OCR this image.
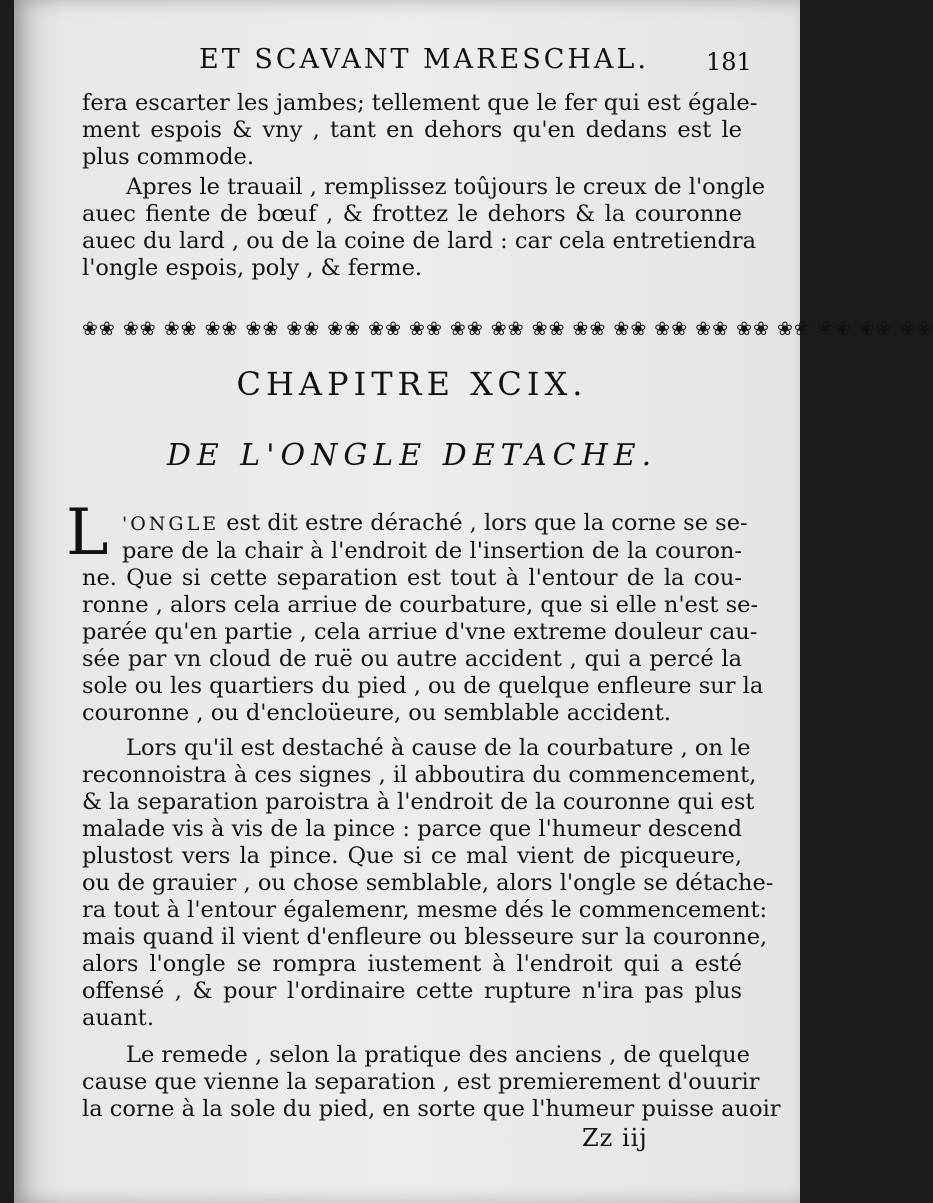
ET SCAVANT MARESCHAL.	181
fera escarter les jambes; tellement que le fer qui est égale-
ment espois & vny , tant en dehors qu'en dedans est le
plus commode.
Apres le trauail , remplissez toûjours le creux de l'ongle
auec fiente de bœuf , & frottez le dehors & la couronne
auec du lard , ou de la coine de lard : car cela entretiendra
l'ongle espois, poly , & ferme.
❀❀ ❀❀ ❀❀ ❀❀ ❀❀ ❀❀ ❀❀ ❀❀ ❀❀ ❀❀ ❀❀ ❀❀ ❀❀ ❀❀ ❀❀ ❀❀ ❀❀ ❀❀ ❀❀ ❀❀ ❀❀
CHAPITRE XCIX.
DE L'ONGLE DETACHE.
L 'ONGLE est dit estre déraché , lors que la corne se se-
pare de la chair à l'endroit de l'insertion de la couron-
ne. Que si cette separation est tout à l'entour de la cou-
ronne , alors cela arriue de courbature, que si elle n'est se-
parée qu'en partie , cela arriue d'vne extreme douleur cau-
sée par vn cloud de ruë ou autre accident , qui a percé la
sole ou les quartiers du pied , ou de quelque enfleure sur la
couronne , ou d'encloüeure, ou semblable accident.
Lors qu'il est destaché à cause de la courbature , on le
reconnoistra à ces signes , il abboutira du commencement,
& la separation paroistra à l'endroit de la couronne qui est
malade vis à vis de la pince : parce que l'humeur descend
plustost vers la pince. Que si ce mal vient de picqueure,
ou de grauier , ou chose semblable, alors l'ongle se détache-
ra tout à l'entour égalemenr, mesme dés le commencement:
mais quand il vient d'enfleure ou blesseure sur la couronne,
alors l'ongle se rompra iustement à l'endroit qui a esté
offensé , & pour l'ordinaire cette rupture n'ira pas plus
auant.
Le remede , selon la pratique des anciens , de quelque
cause que vienne la separation , est premierement d'ouurir
la corne à la sole du pied, en sorte que l'humeur puisse auoir
Zz iij
